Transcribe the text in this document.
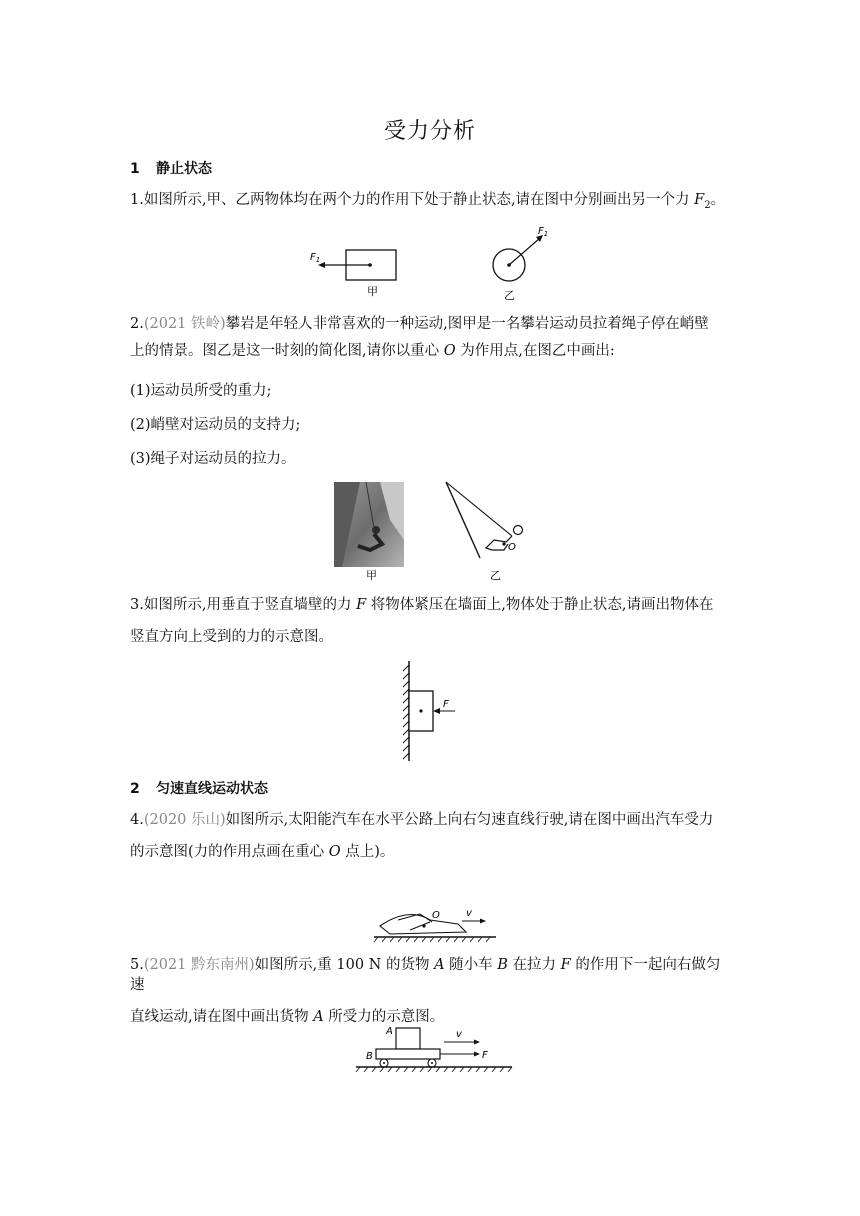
受力分析
1 静止状态
1.如图所示,甲、乙两物体均在两个力的作用下处于静止状态,请在图中分别画出另一个力 $F_2$。
$F_1$
甲
$F_1$
乙
2.(2021 铁岭)攀岩是年轻人非常喜欢的一种运动,图甲是一名攀岩运动员拉着绳子停在峭壁

上的情景。图乙是这一时刻的简化图,请你以重心 O 为作用点,在图乙中画出:
(1)运动员所受的重力;
(2)峭壁对运动员的支持力;
(3)绳子对运动员的拉力。
甲
O
乙
3.如图所示,用垂直于竖直墙壁的力 F 将物体紧压在墙面上,物体处于静止状态,请画出物体在
竖直方向上受到的力的示意图。
F
2 匀速直线运动状态
4.(2020 乐山)如图所示,太阳能汽车在水平公路上向右匀速直线行驶,请在图中画出汽车受力
的示意图(力的作用点画在重心 O 点上)。
O	v
5.(2021 黔东南州)如图所示,重 100 N 的货物 A 随小车 B 在拉力 F 的作用下一起向右做匀速
直线运动,请在图中画出货物 A 所受力的示意图。
A	v
B	F
